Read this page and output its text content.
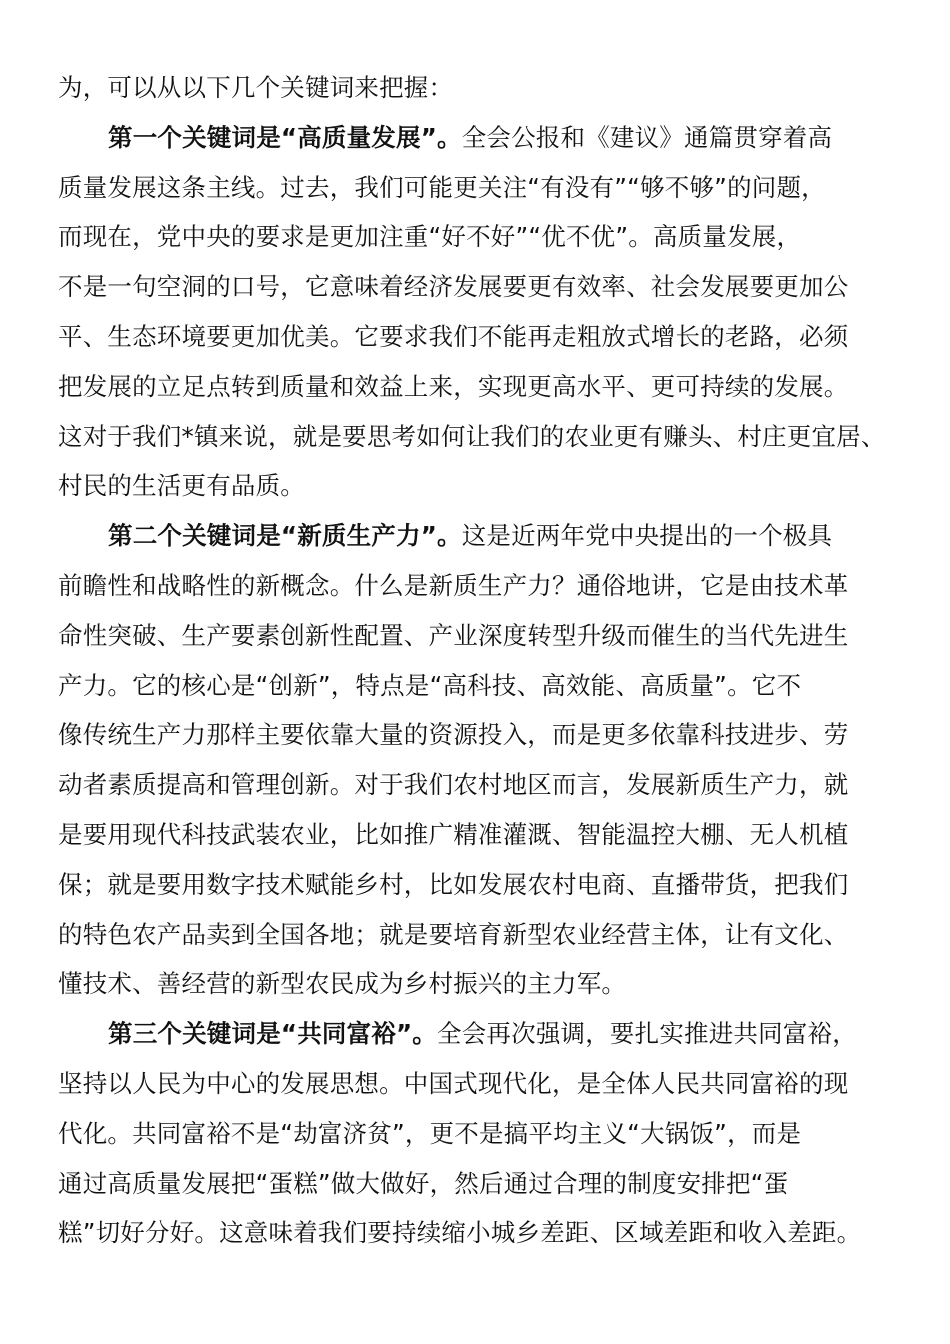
为，可以从以下几个关键词来把握：
第一个关键词是“高质量发展”。全会公报和《建议》通篇贯穿着高
质量发展这条主线。过去，我们可能更关注“有没有”“够不够”的问题，
而现在，党中央的要求是更加注重“好不好”“优不优”。高质量发展，
不是一句空洞的口号，它意味着经济发展要更有效率、社会发展要更加公
平、生态环境要更加优美。它要求我们不能再走粗放式增长的老路，必须
把发展的立足点转到质量和效益上来，实现更高水平、更可持续的发展。
这对于我们*镇来说，就是要思考如何让我们的农业更有赚头、村庄更宜居、
村民的生活更有品质。
第二个关键词是“新质生产力”。这是近两年党中央提出的一个极具
前瞻性和战略性的新概念。什么是新质生产力？通俗地讲，它是由技术革
命性突破、生产要素创新性配置、产业深度转型升级而催生的当代先进生
产力。它的核心是“创新”，特点是“高科技、高效能、高质量”。它不
像传统生产力那样主要依靠大量的资源投入，而是更多依靠科技进步、劳
动者素质提高和管理创新。对于我们农村地区而言，发展新质生产力，就
是要用现代科技武装农业，比如推广精准灌溉、智能温控大棚、无人机植
保；就是要用数字技术赋能乡村，比如发展农村电商、直播带货，把我们
的特色农产品卖到全国各地；就是要培育新型农业经营主体，让有文化、
懂技术、善经营的新型农民成为乡村振兴的主力军。
第三个关键词是“共同富裕”。全会再次强调，要扎实推进共同富裕，
坚持以人民为中心的发展思想。中国式现代化，是全体人民共同富裕的现
代化。共同富裕不是“劫富济贫”，更不是搞平均主义“大锅饭”，而是
通过高质量发展把“蛋糕”做大做好，然后通过合理的制度安排把“蛋
糕”切好分好。这意味着我们要持续缩小城乡差距、区域差距和收入差距。
